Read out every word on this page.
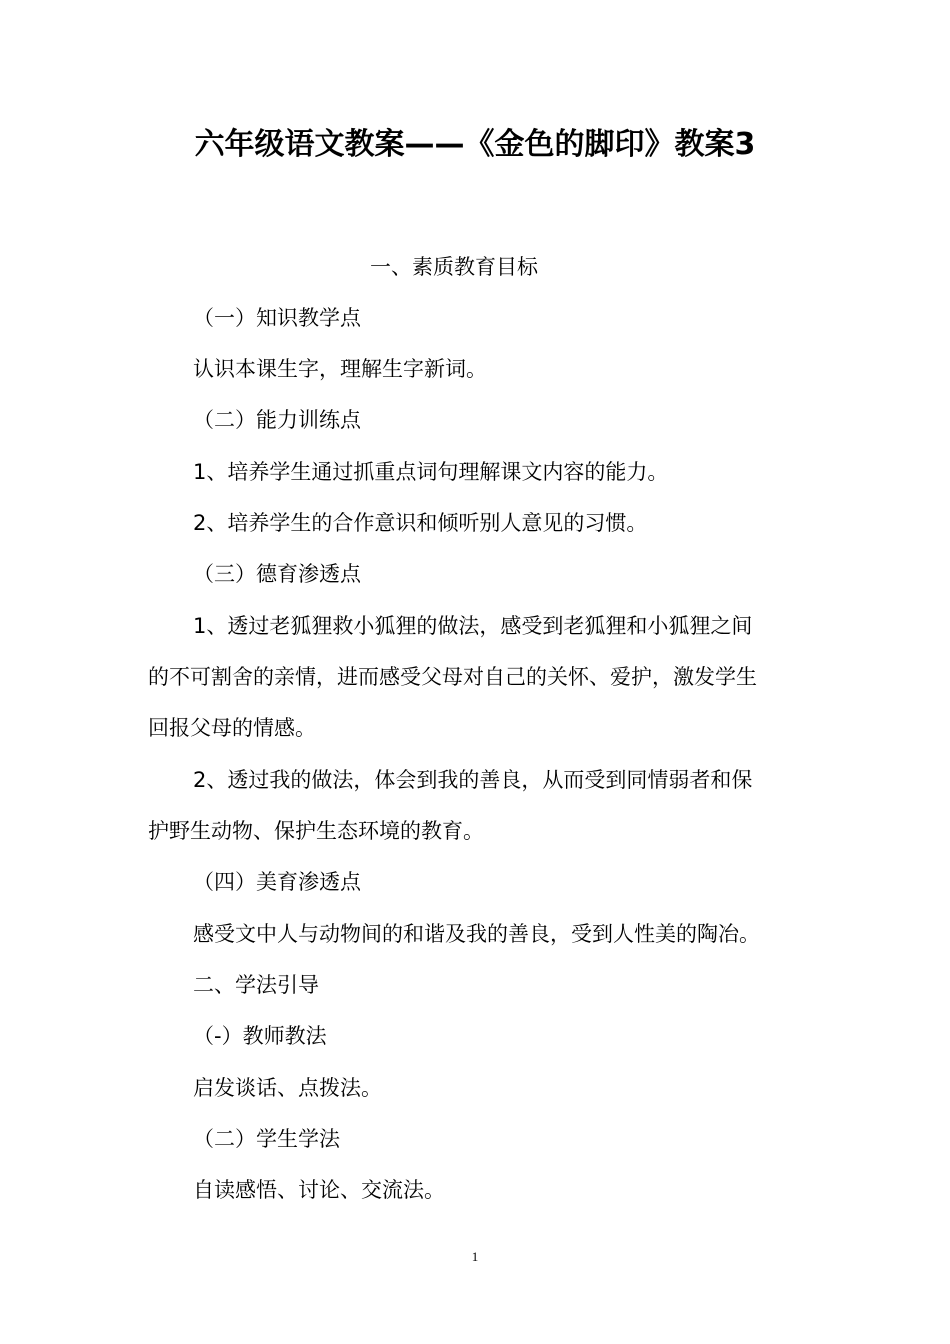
六年级语文教案——《金色的脚印》教案3
一、素质教育目标
（一）知识教学点
认识本课生字，理解生字新词。
（二）能力训练点
1、培养学生通过抓重点词句理解课文内容的能力。
2、培养学生的合作意识和倾听别人意见的习惯。
（三）德育渗透点
1、透过老狐狸救小狐狸的做法，感受到老狐狸和小狐狸之间
的不可割舍的亲情，进而感受父母对自己的关怀、爱护，激发学生
回报父母的情感。
2、透过我的做法，体会到我的善良，从而受到同情弱者和保
护野生动物、保护生态环境的教育。
（四）美育渗透点
感受文中人与动物间的和谐及我的善良，受到人性美的陶冶。
二、学法引导
（-）教师教法
启发谈话、点拨法。
（二）学生学法
自读感悟、讨论、交流法。
1
